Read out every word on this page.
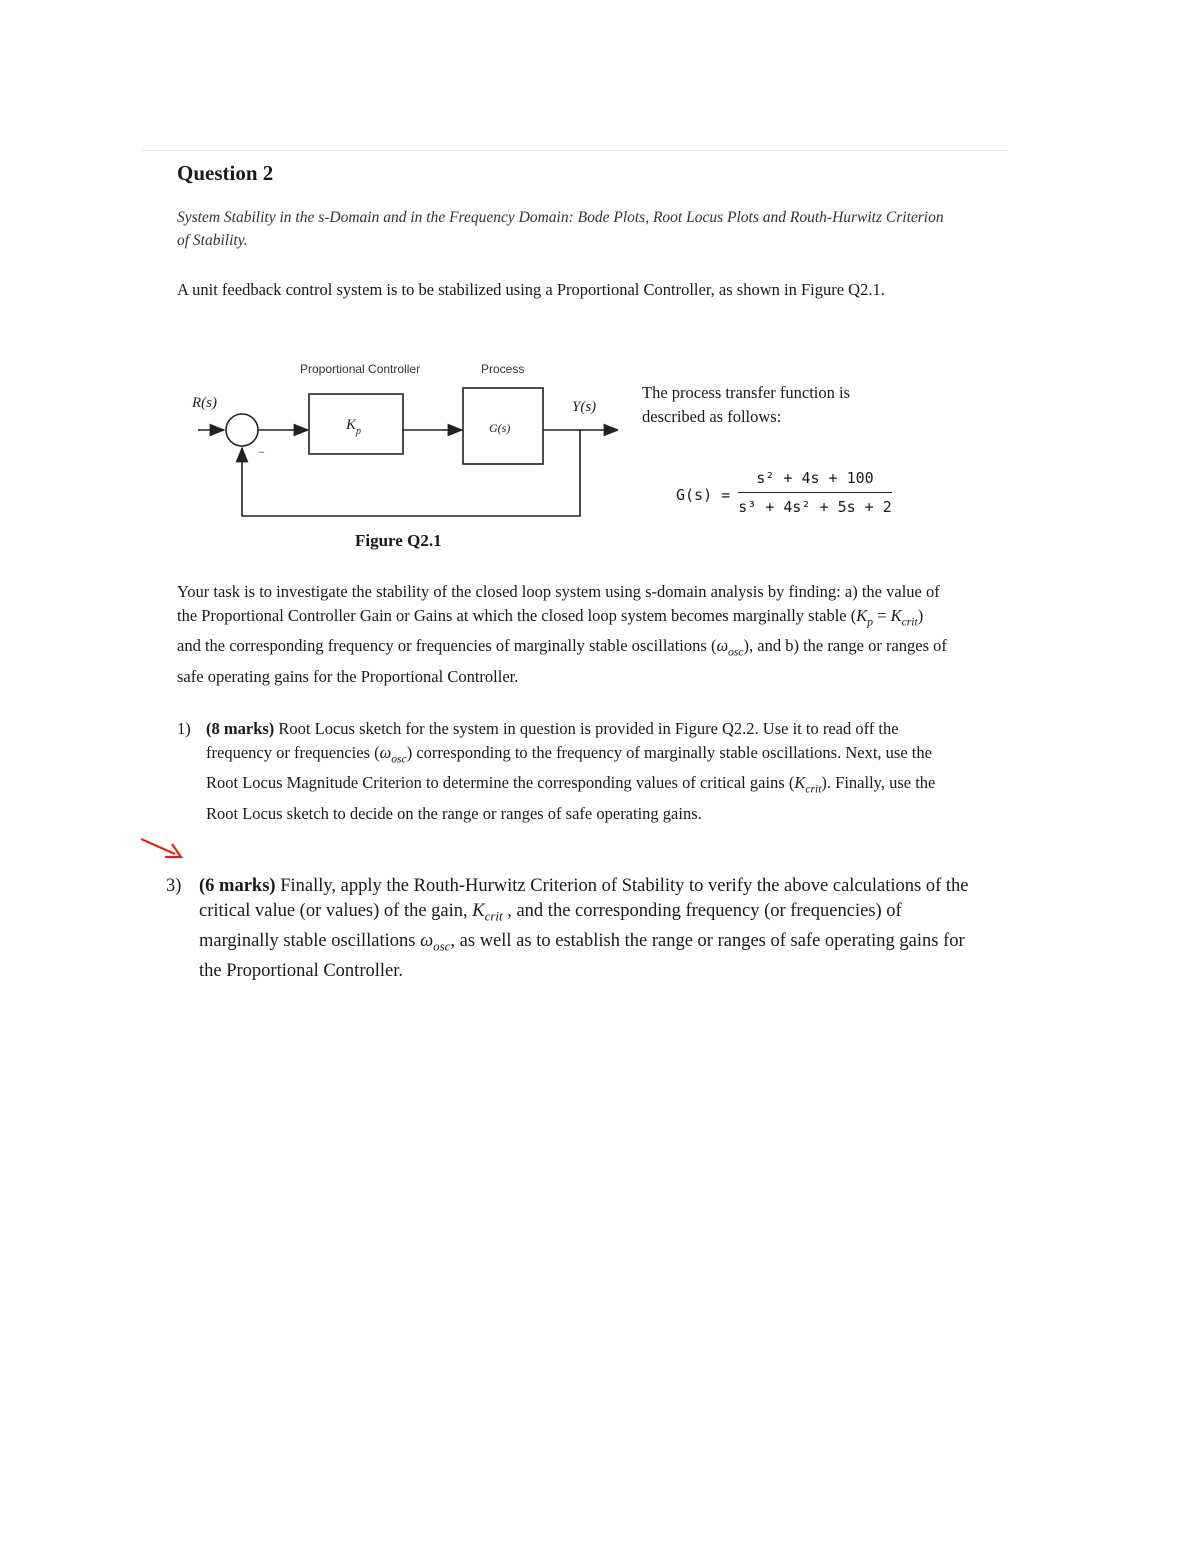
Question 2
System Stability in the s-Domain and in the Frequency Domain: Bode Plots, Root Locus Plots and Routh-Hurwitz Criterion of Stability.
A unit feedback control system is to be stabilized using a Proportional Controller, as shown in Figure Q2.1.
Proportional Controller	Process
R(s)
$K_p$	G(s)
Y(s)
−
The process transfer function is described as follows:
G(s) =
s² + 4s + 100
s³ + 4s² + 5s + 2
Figure Q2.1
Your task is to investigate the stability of the closed loop system using s-domain analysis by finding: a) the value of the Proportional Controller Gain or Gains at which the closed loop system becomes marginally stable $(K_p = K_{crit})$ and the corresponding frequency or frequencies of marginally stable oscillations $(\omega_{osc})$, and b) the range or ranges of safe operating gains for the Proportional Controller.
1) (8 marks) Root Locus sketch for the system in question is provided in Figure Q2.2. Use it to read off the frequency or frequencies $(\omega_{osc})$ corresponding to the frequency of marginally stable oscillations. Next, use the Root Locus Magnitude Criterion to determine the corresponding values of critical gains $(K_{crit})$. Finally, use the Root Locus sketch to decide on the range or ranges of safe operating gains.
3) (6 marks) Finally, apply the Routh-Hurwitz Criterion of Stability to verify the above calculations of the critical value (or values) of the gain, $K_{crit}$ , and the corresponding frequency (or frequencies) of marginally stable oscillations $\omega_{osc}$, as well as to establish the range or ranges of safe operating gains for the Proportional Controller.
